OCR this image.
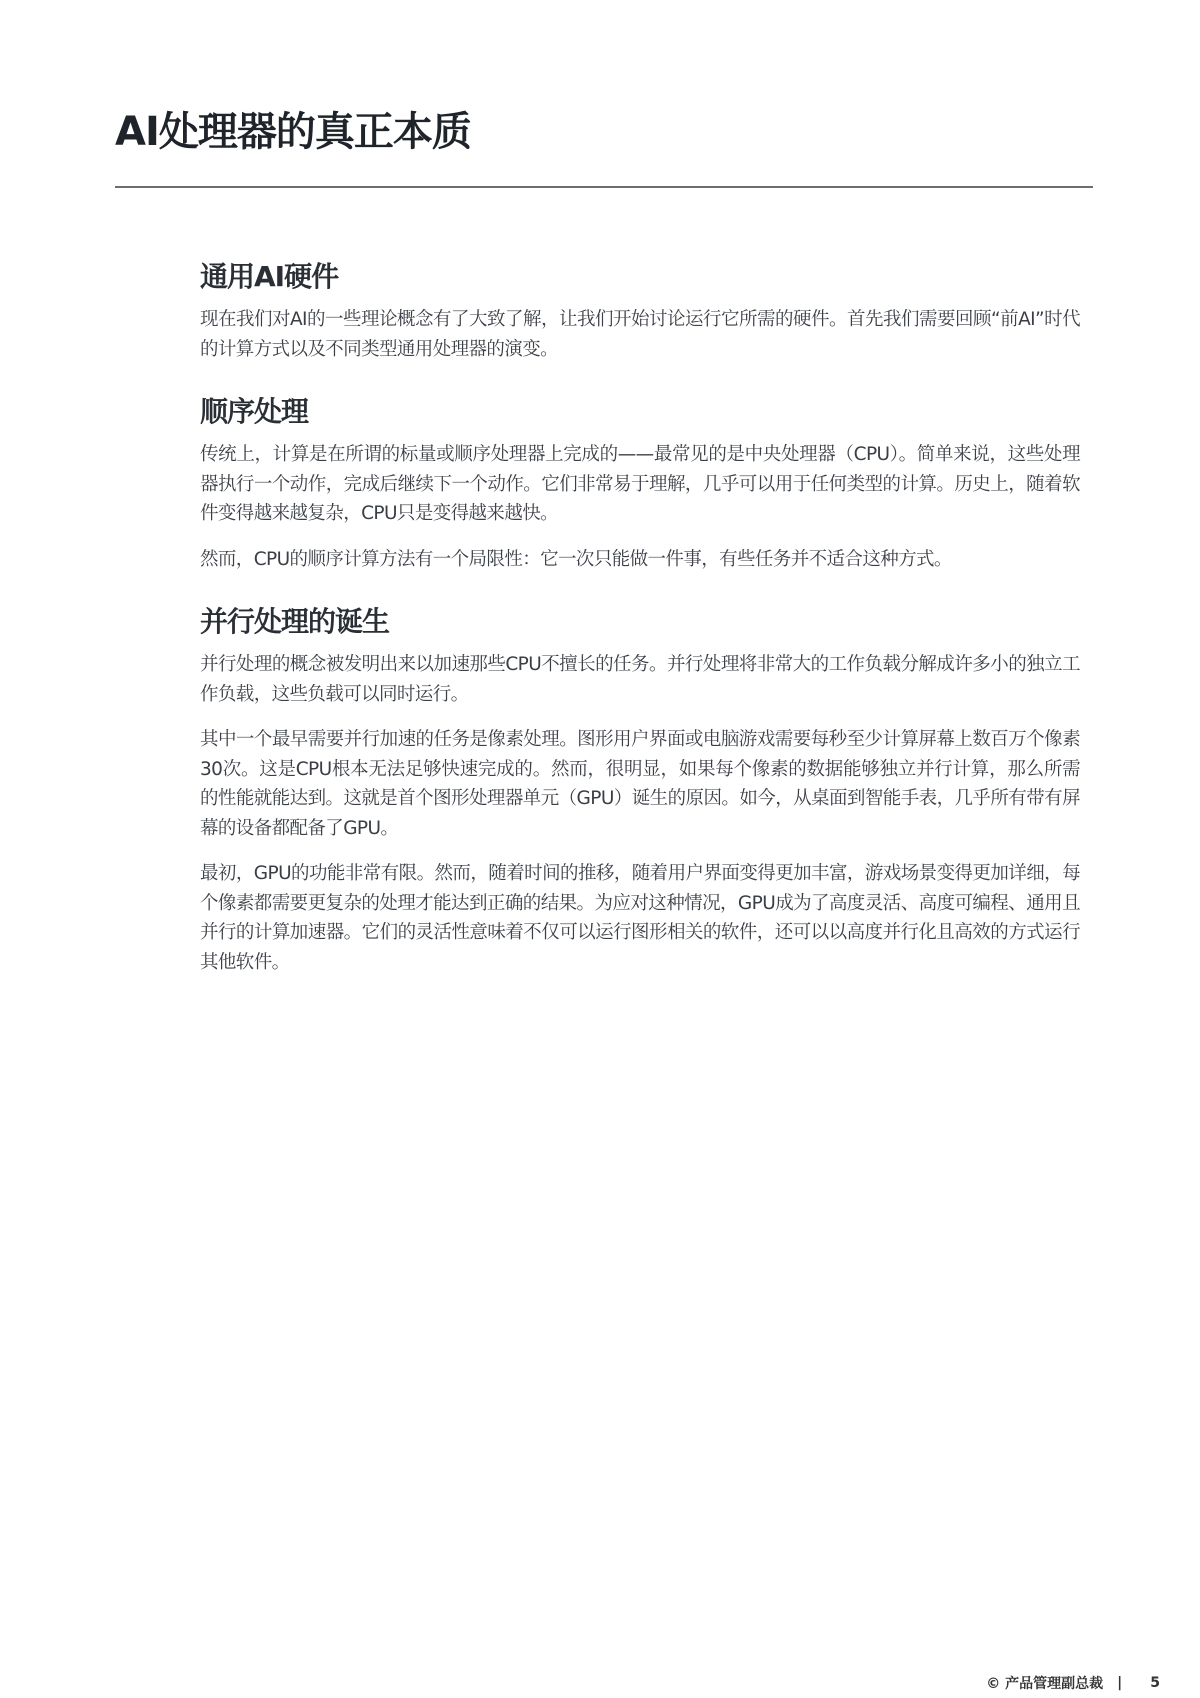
AI处理器的真正本质
通用AI硬件

现在我们对AI的一些理论概念有了大致了解，让我们开始讨论运行它所需的硬件。首先我们需要回顾“前AI”时代的计算方式以及不同类型通用处理器的演变。

顺序处理

传统上，计算是在所谓的标量或顺序处理器上完成的——最常见的是中央处理器（CPU）。简单来说，这些处理器执行一个动作，完成后继续下一个动作。它们非常易于理解，几乎可以用于任何类型的计算。历史上，随着软件变得越来越复杂，CPU只是变得越来越快。

然而，CPU的顺序计算方法有一个局限性：它一次只能做一件事，有些任务并不适合这种方式。

并行处理的诞生

并行处理的概念被发明出来以加速那些CPU不擅长的任务。并行处理将非常大的工作负载分解成许多小的独立工作负载，这些负载可以同时运行。

其中一个最早需要并行加速的任务是像素处理。图形用户界面或电脑游戏需要每秒至少计算屏幕上数百万个像素30次。这是CPU根本无法足够快速完成的。然而，很明显，如果每个像素的数据能够独立并行计算，那么所需的性能就能达到。这就是首个图形处理器单元（GPU）诞生的原因。如今，从桌面到智能手表，几乎所有带有屏幕的设备都配备了GPU。

最初，GPU的功能非常有限。然而，随着时间的推移，随着用户界面变得更加丰富，游戏场景变得更加详细，每个像素都需要更复杂的处理才能达到正确的结果。为应对这种情况，GPU成为了高度灵活、高度可编程、通用且并行的计算加速器。它们的灵活性意味着不仅可以运行图形相关的软件，还可以以高度并行化且高效的方式运行其他软件。

© 产品管理副总裁 | 5
